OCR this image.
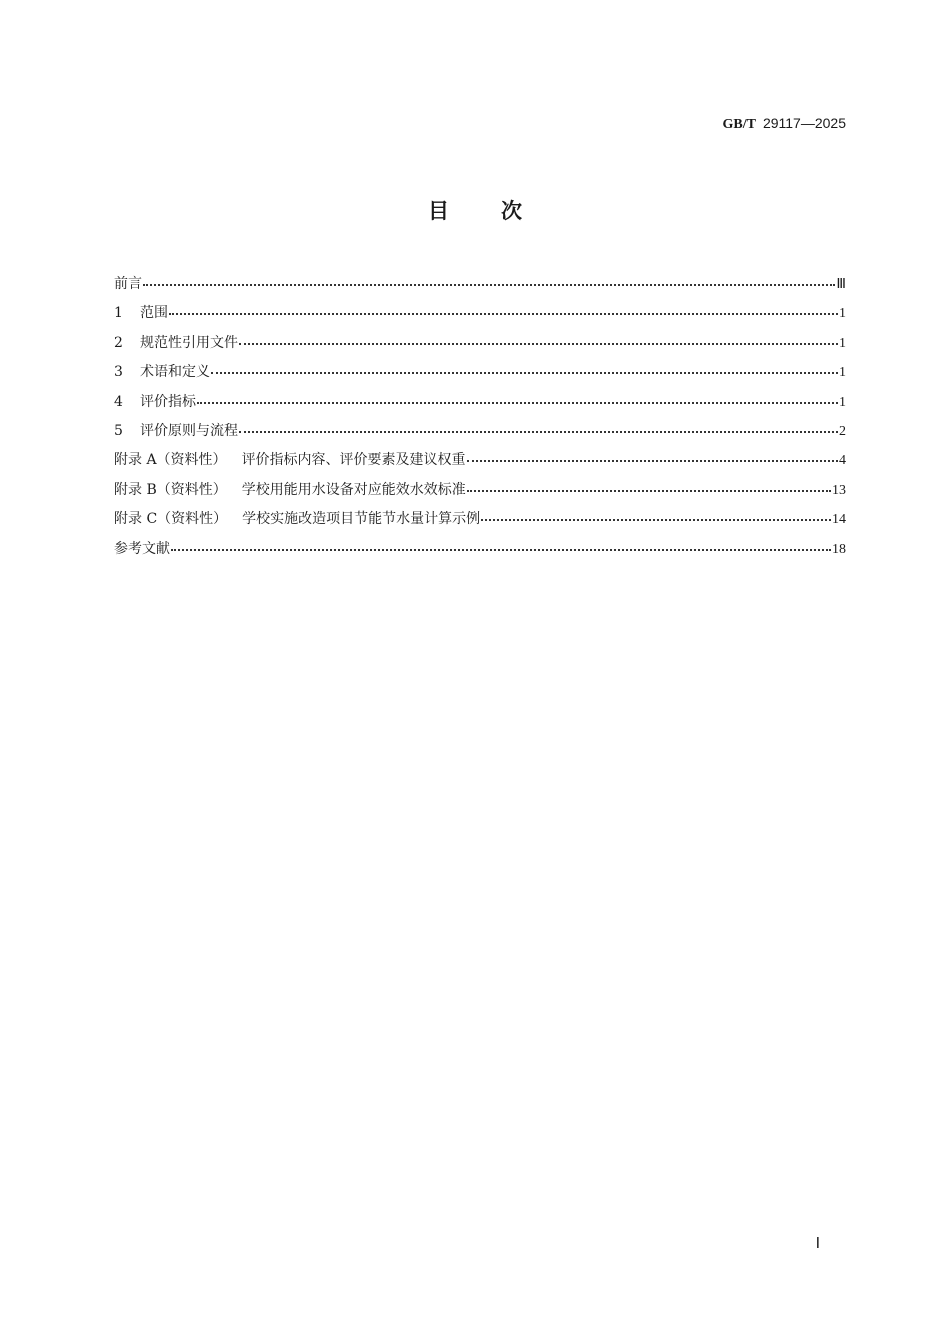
GB/T 29117—2025
目次
前言	Ⅲ
1 范围	1
2 规范性引用文件	1
3 术语和定义	1
4 评价指标	1
5 评价原则与流程	2
附录 A（资料性） 评价指标内容、评价要素及建议权重	4
附录 B（资料性） 学校用能用水设备对应能效水效标准	13
附录 C（资料性） 学校实施改造项目节能节水量计算示例	14
参考文献	18
Ⅰ
